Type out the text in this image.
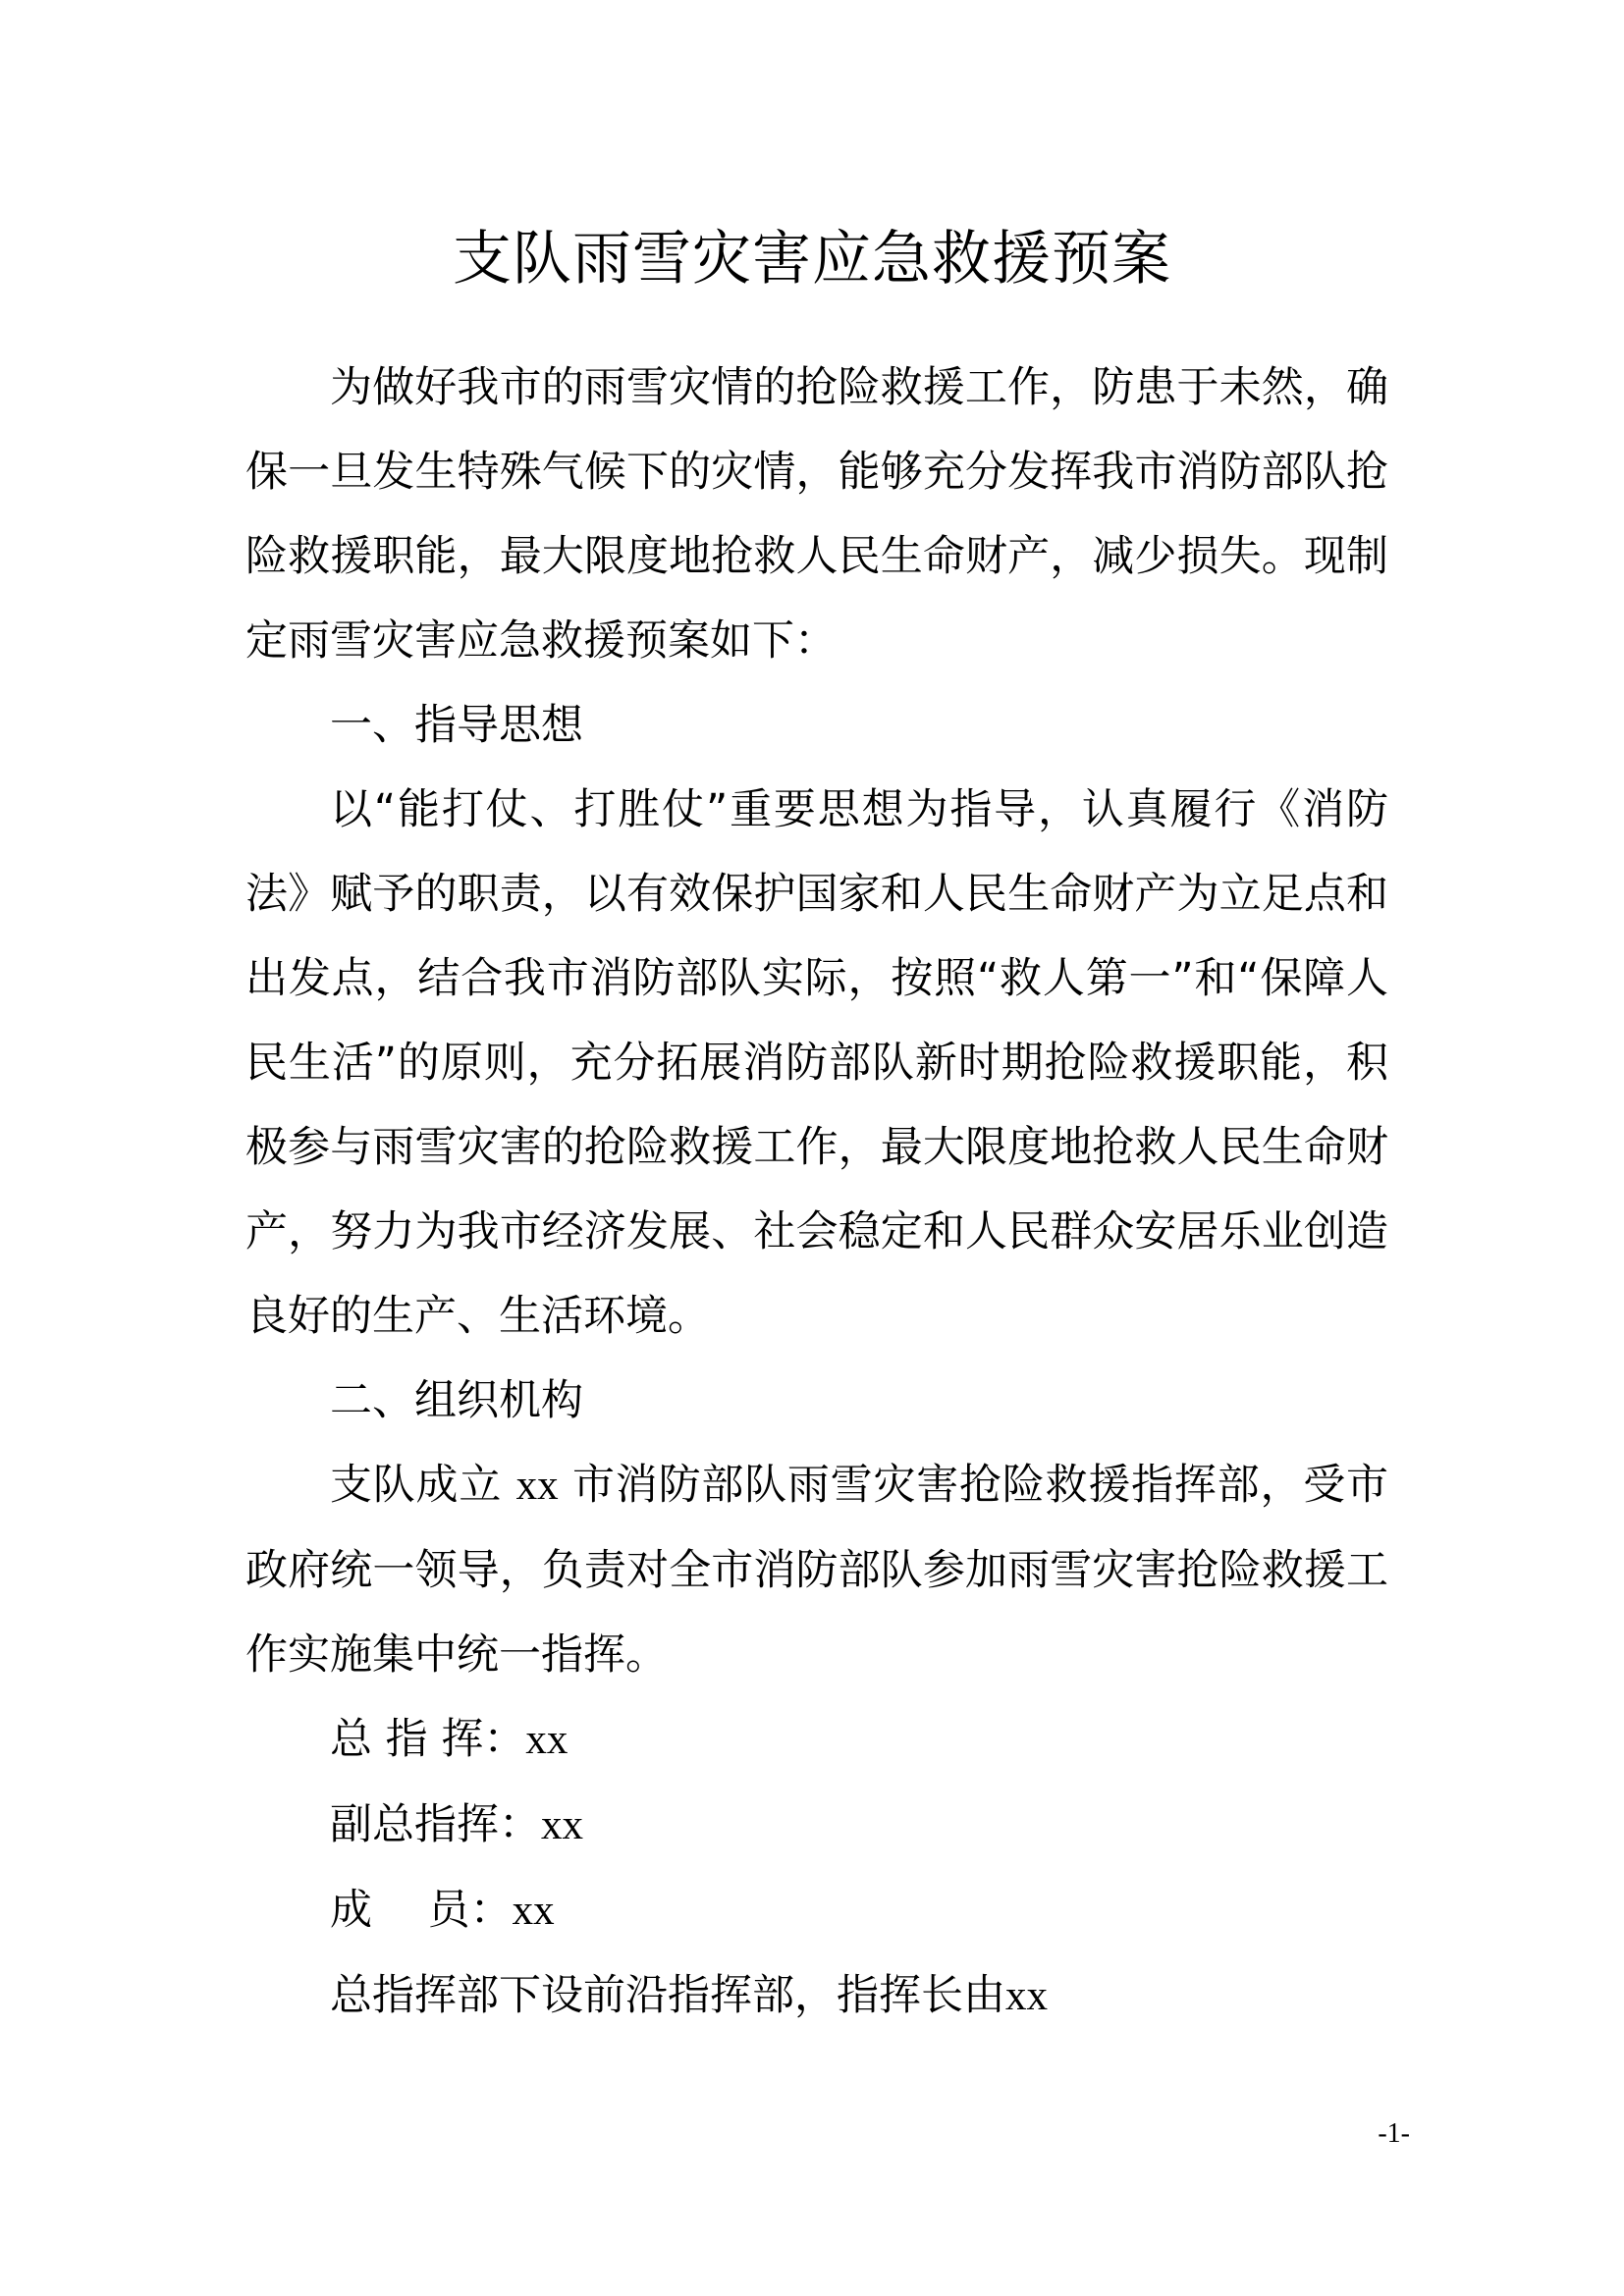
支队雨雪灾害应急救援预案

为做好我市的雨雪灾情的抢险救援工作，防患于未然，确保一旦发生特殊气候下的灾情，能够充分发挥我市消防部队抢险救援职能，最大限度地抢救人民生命财产，减少损失。现制定雨雪灾害应急救援预案如下：

一、指导思想

以“能打仗、打胜仗”重要思想为指导，认真履行《消防法》赋予的职责，以有效保护国家和人民生命财产为立足点和出发点，结合我市消防部队实际，按照“救人第一”和“保障人民生活”的原则，充分拓展消防部队新时期抢险救援职能，积极参与雨雪灾害的抢险救援工作，最大限度地抢救人民生命财产，努力为我市经济发展、社会稳定和人民群众安居乐业创造良好的生产、生活环境。

二、组织机构

支队成立 xx 市消防部队雨雪灾害抢险救援指挥部，受市政府统一领导，负责对全市消防部队参加雨雪灾害抢险救援工作实施集中统一指挥。

总 指 挥：xx

副总指挥：xx

成　 员：xx

总指挥部下设前沿指挥部，指挥长由xx

-1-
